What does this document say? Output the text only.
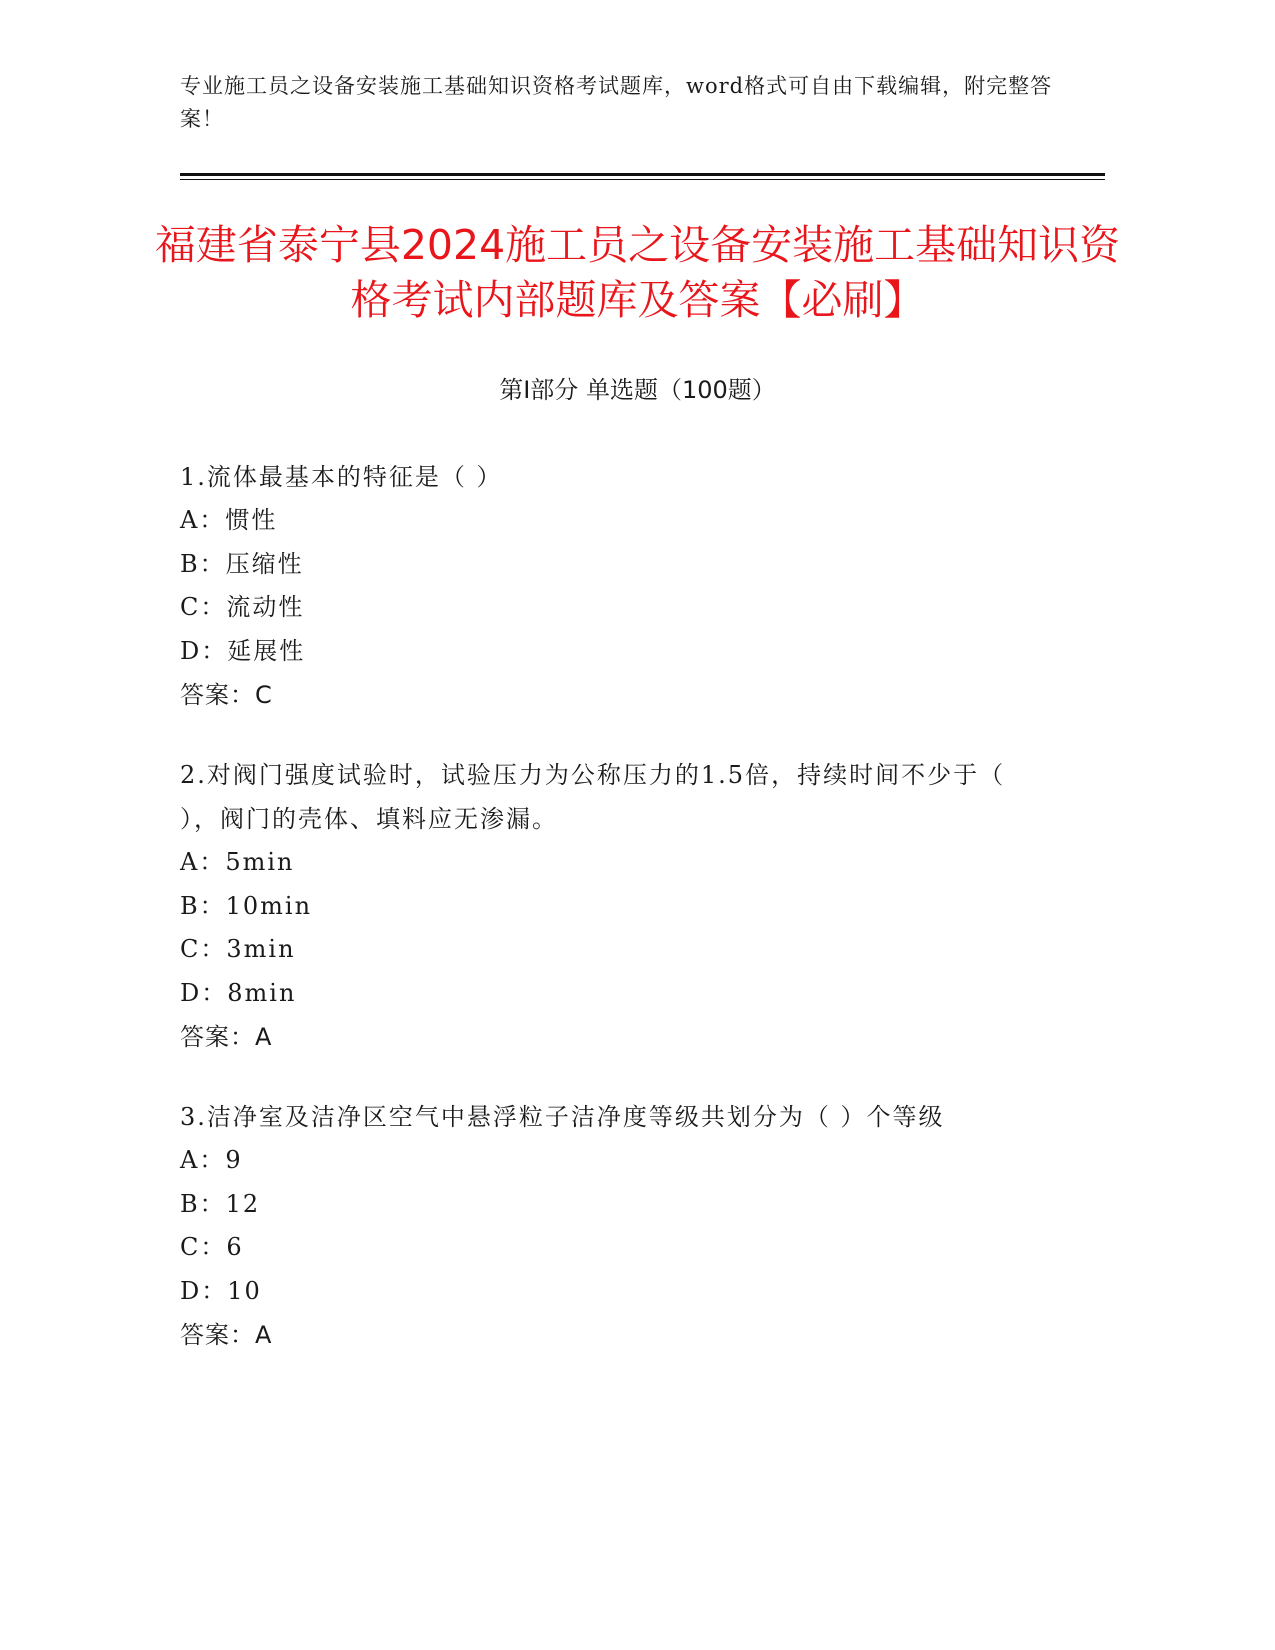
专业施工员之设备安装施工基础知识资格考试题库，word格式可自由下载编辑，附完整答案！
福建省泰宁县2024施工员之设备安装施工基础知识资格考试内部题库及答案【必刷】
第Ⅰ部分 单选题（100题）
1.流体最基本的特征是（ ）
A：惯性
B：压缩性
C：流动性
D：延展性
答案：C
2.对阀门强度试验时，试验压力为公称压力的1.5倍，持续时间不少于（ ），阀门的壳体、填料应无渗漏。
A：5min
B：10min
C：3min
D：8min
答案：A
3.洁净室及洁净区空气中悬浮粒子洁净度等级共划分为（ ）个等级
A：9
B：12
C：6
D：10
答案：A
